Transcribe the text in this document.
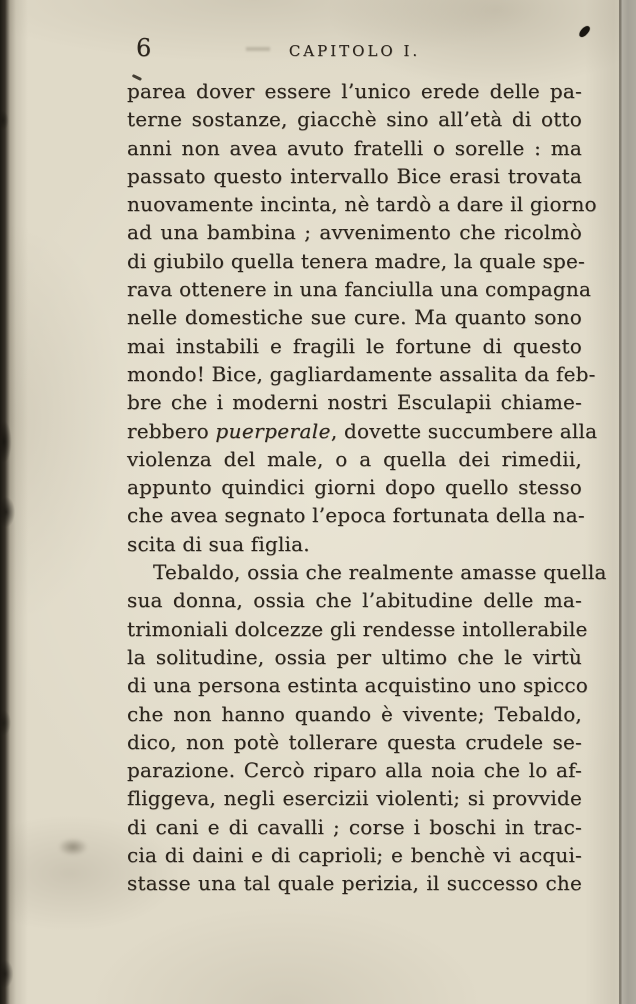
6	CAPITOLO I.
parea dover essere l’unico erede delle pa-
terne sostanze, giacchè sino all’età di otto
anni non avea avuto fratelli o sorelle : ma
passato questo intervallo Bice erasi trovata
nuovamente incinta, nè tardò a dare il giorno
ad una bambina ; avvenimento che ricolmò
di giubilo quella tenera madre, la quale spe-
rava ottenere in una fanciulla una compagna
nelle domestiche sue cure. Ma quanto sono
mai instabili e fragili le fortune di questo
mondo! Bice, gagliardamente assalita da feb-
bre che i moderni nostri Esculapii chiame-
rebbero puerperale, dovette succumbere alla
violenza del male, o a quella dei rimedii,
appunto quindici giorni dopo quello stesso
che avea segnato l’epoca fortunata della na-
scita di sua figlia.
Tebaldo, ossia che realmente amasse quella
sua donna, ossia che l’abitudine delle ma-
trimoniali dolcezze gli rendesse intollerabile
la solitudine, ossia per ultimo che le virtù
di una persona estinta acquistino uno spicco
che non hanno quando è vivente; Tebaldo,
dico, non potè tollerare questa crudele se-
parazione. Cercò riparo alla noia che lo af-
fliggeva, negli esercizii violenti; si provvide
di cani e di cavalli ; corse i boschi in trac-
cia di daini e di caprioli; e benchè vi acqui-
stasse una tal quale perizia, il successo che
